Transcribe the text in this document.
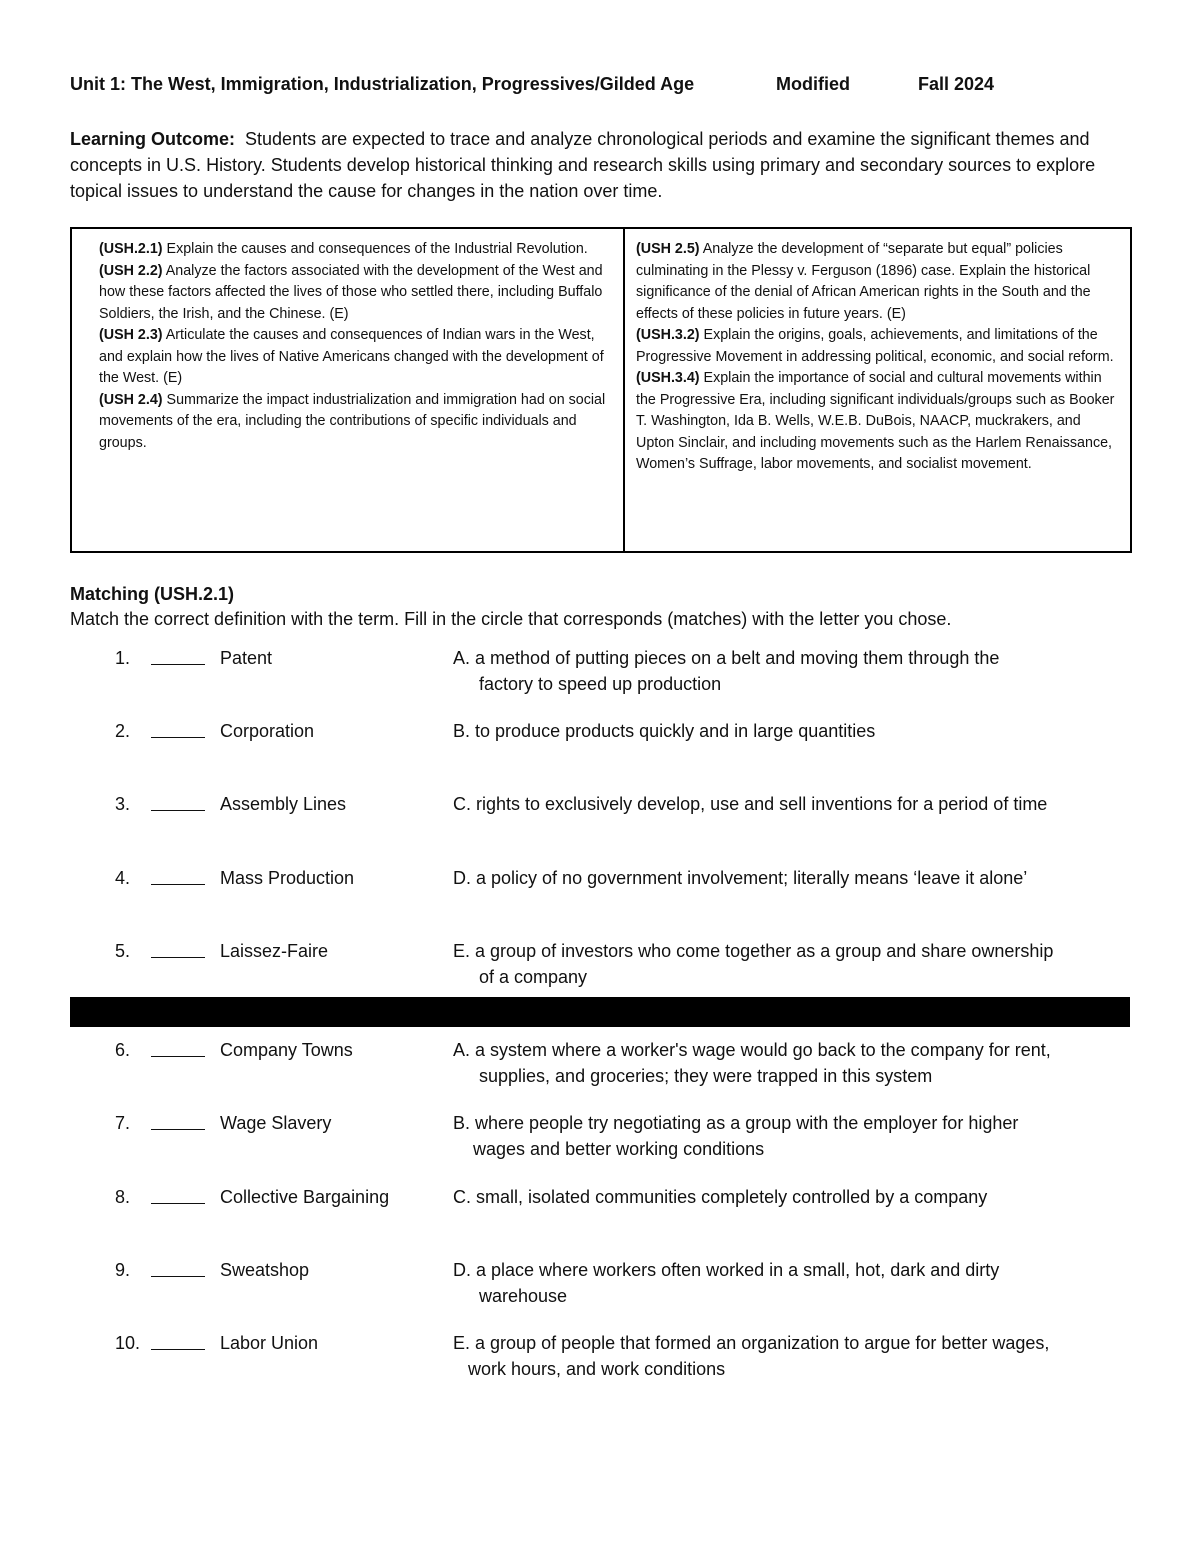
Unit 1: The West, Immigration, Industrialization, Progressives/Gilded Age	Modified	Fall 2024
Learning Outcome: Students are expected to trace and analyze chronological periods and examine the significant themes and concepts in U.S. History. Students develop historical thinking and research skills using primary and secondary sources to explore topical issues to understand the cause for changes in the nation over time.

(USH.2.1) Explain the causes and consequences of the Industrial Revolution.

(USH 2.2) Analyze the factors associated with the development of the West and how these factors affected the lives of those who settled there, including Buffalo Soldiers, the Irish, and the Chinese. (E)

(USH 2.3) Articulate the causes and consequences of Indian wars in the West, and explain how the lives of Native Americans changed with the development of the West. (E)

(USH 2.4) Summarize the impact industrialization and immigration had on social movements of the era, including the contributions of specific individuals and groups.

(USH 2.5) Analyze the development of “separate but equal” policies culminating in the Plessy v. Ferguson (1896) case. Explain the historical significance of the denial of African American rights in the South and the effects of these policies in future years. (E)

(USH.3.2) Explain the origins, goals, achievements, and limitations of the Progressive Movement in addressing political, economic, and social reform.

(USH.3.4) Explain the importance of social and cultural movements within the Progressive Era, including significant individuals/groups such as Booker T. Washington, Ida B. Wells, W.E.B. DuBois, NAACP, muckrakers, and Upton Sinclair, and including movements such as the Harlem Renaissance, Women’s Suffrage, labor movements, and socialist movement.

Matching (USH.2.1)
Match the correct definition with the term. Fill in the circle that corresponds (matches) with the letter you chose.
1.	Patent	A. a method of putting pieces on a belt and moving them through the
factory to speed up production
2.	Corporation	B. to produce products quickly and in large quantities
3.	Assembly Lines	C. rights to exclusively develop, use and sell inventions for a period of time
4.	Mass Production	D. a policy of no government involvement; literally means ‘leave it alone’
5.	Laissez-Faire	E. a group of investors who come together as a group and share ownership
of a company
6.	Company Towns	A. a system where a worker's wage would go back to the company for rent,
supplies, and groceries; they were trapped in this system
7.	Wage Slavery	B. where people try negotiating as a group with the employer for higher
wages and better working conditions
8.	Collective Bargaining	C. small, isolated communities completely controlled by a company
9.	Sweatshop	D. a place where workers often worked in a small, hot, dark and dirty
warehouse
10.	Labor Union	E. a group of people that formed an organization to argue for better wages,
work hours, and work conditions
